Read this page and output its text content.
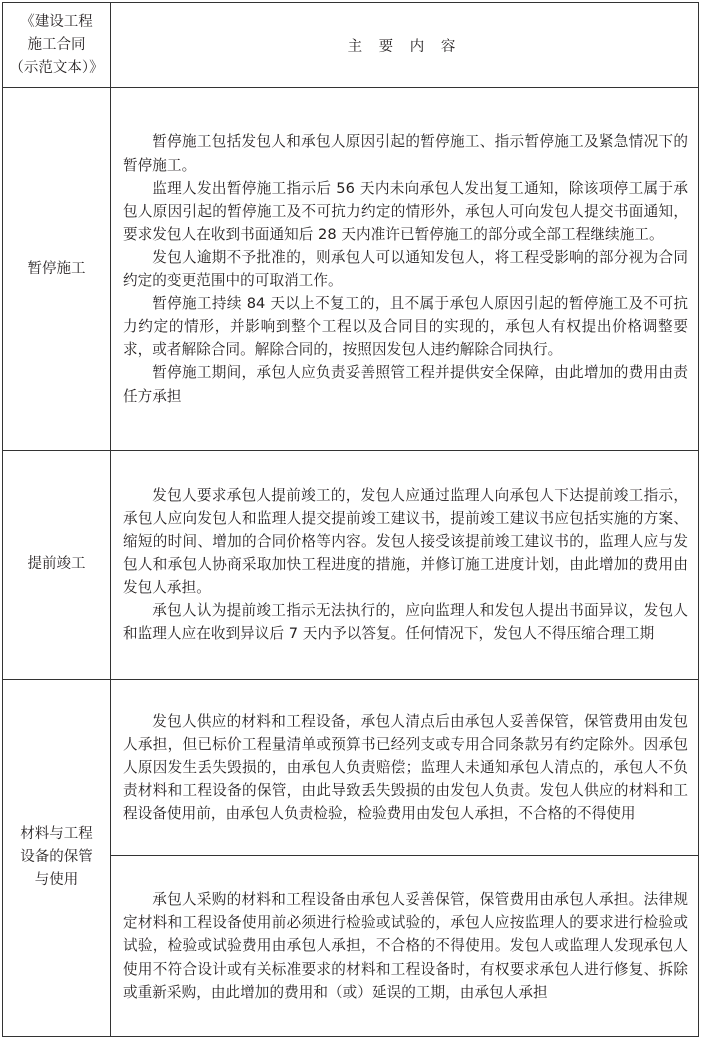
《建设工程
施工合同
（示范文本）》	主 要 内 容

暂停施工	暂停施工包括发包人和承包人原因引起的暂停施工、指示暂停施工及紧急情况下的暂停施工。

监理人发出暂停施工指示后 56 天内未向承包人发出复工通知，除该项停工属于承包人原因引起的暂停施工及不可抗力约定的情形外，承包人可向发包人提交书面通知，要求发包人在收到书面通知后 28 天内准许已暂停施工的部分或全部工程继续施工。

发包人逾期不予批准的，则承包人可以通知发包人，将工程受影响的部分视为合同约定的变更范围中的可取消工作。

暂停施工持续 84 天以上不复工的，且不属于承包人原因引起的暂停施工及不可抗力约定的情形，并影响到整个工程以及合同目的实现的，承包人有权提出价格调整要求，或者解除合同。解除合同的，按照因发包人违约解除合同执行。

暂停施工期间，承包人应负责妥善照管工程并提供安全保障，由此增加的费用由责任方承担

提前竣工	发包人要求承包人提前竣工的，发包人应通过监理人向承包人下达提前竣工指示，承包人应向发包人和监理人提交提前竣工建议书，提前竣工建议书应包括实施的方案、缩短的时间、增加的合同价格等内容。发包人接受该提前竣工建议书的，监理人应与发包人和承包人协商采取加快工程进度的措施，并修订施工进度计划，由此增加的费用由发包人承担。

承包人认为提前竣工指示无法执行的，应向监理人和发包人提出书面异议，发包人和监理人应在收到异议后 7 天内予以答复。任何情况下，发包人不得压缩合理工期

材料与工程
设备的保管
与使用	发包人供应的材料和工程设备，承包人清点后由承包人妥善保管，保管费用由发包人承担，但已标价工程量清单或预算书已经列支或专用合同条款另有约定除外。因承包人原因发生丢失毁损的，由承包人负责赔偿；监理人未通知承包人清点的，承包人不负责材料和工程设备的保管，由此导致丢失毁损的由发包人负责。发包人供应的材料和工程设备使用前，由承包人负责检验，检验费用由发包人承担，不合格的不得使用

	承包人采购的材料和工程设备由承包人妥善保管，保管费用由承包人承担。法律规定材料和工程设备使用前必须进行检验或试验的，承包人应按监理人的要求进行检验或试验，检验或试验费用由承包人承担，不合格的不得使用。发包人或监理人发现承包人使用不符合设计或有关标准要求的材料和工程设备时，有权要求承包人进行修复、拆除或重新采购，由此增加的费用和（或）延误的工期，由承包人承担
